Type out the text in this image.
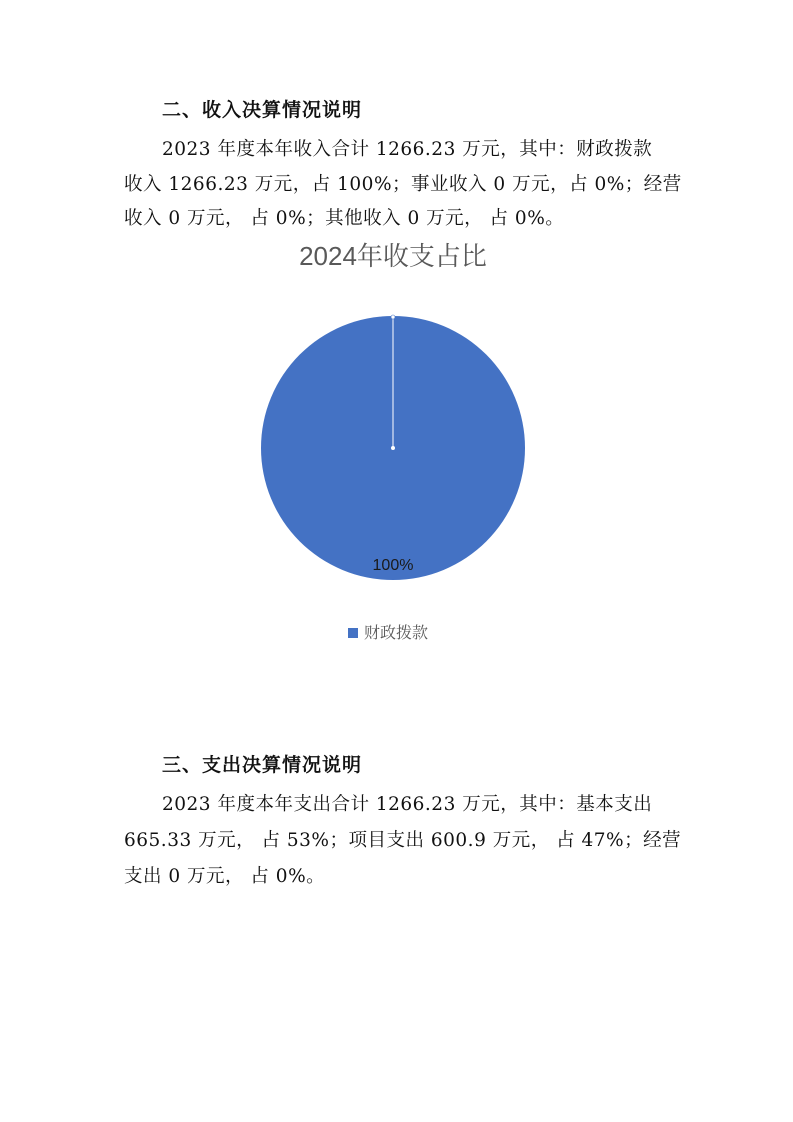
二、收入决算情况说明
2023 年度本年收入合计 1266.23 万元，其中：财政拨款
收入 1266.23 万元，占 100%；事业收入 0 万元，占 0%；经营
收入 0 万元， 占 0%；其他收入 0 万元， 占 0%。
2024年收支占比
100%
财政拨款
三、支出决算情况说明
2023 年度本年支出合计 1266.23 万元，其中：基本支出
665.33 万元， 占 53%；项目支出 600.9 万元， 占 47%；经营
支出 0 万元， 占 0%。
